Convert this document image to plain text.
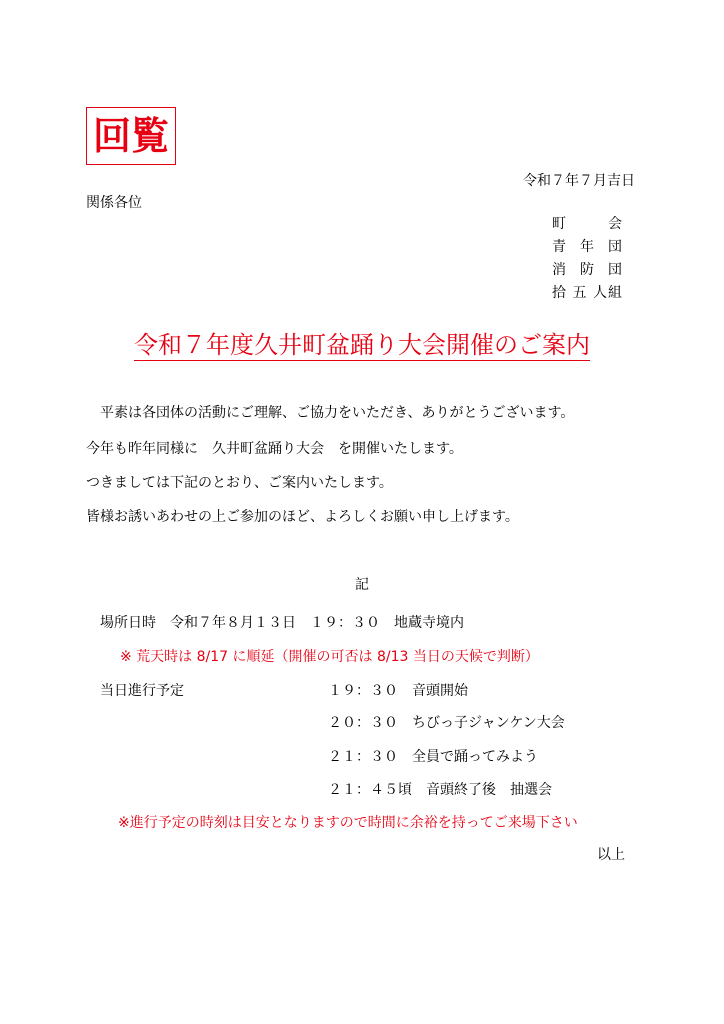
回覧
令和７年７月吉日
関係各位
町 会
青 年 団
消 防 団
拾 五 人組
令和７年度久井町盆踊り大会開催のご案内
平素は各団体の活動にご理解、ご協力をいただき、ありがとうございます。
今年も昨年同様に　久井町盆踊り大会　を開催いたします。
つきましては下記のとおり、ご案内いたします。
皆様お誘いあわせの上ご参加のほど、よろしくお願い申し上げます。
記
場所日時　令和７年８月１３日　１９：３０　地蔵寺境内
※ 荒天時は 8/17 に順延（開催の可否は 8/13 当日の天候で判断）
当日進行予定	１９：３０　音頭開始
２０：３０　ちびっ子ジャンケン大会
２１：３０　全員で踊ってみよう
２１：４５頃　音頭終了後　抽選会
※進行予定の時刻は目安となりますので時間に余裕を持ってご来場下さい
以上
